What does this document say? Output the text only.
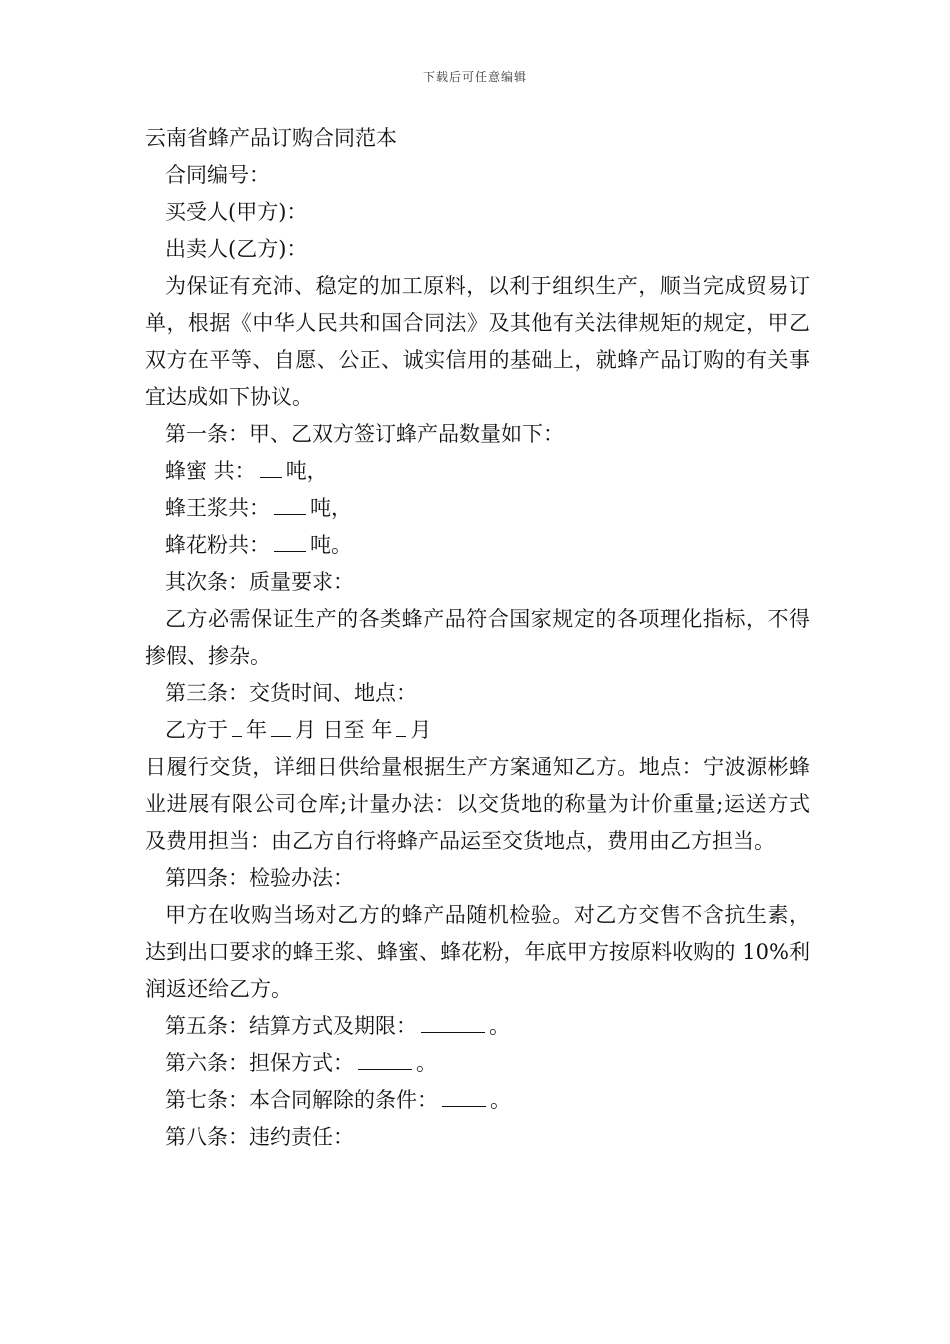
下载后可任意编辑
云南省蜂产品订购合同范本
合同编号：
买受人(甲方)：
出卖人(乙方)：
为保证有充沛、稳定的加工原料，以利于组织生产，顺当完成贸易订单，根据《中华人民共和国合同法》及其他有关法律规矩的规定，甲乙双方在平等、自愿、公正、诚实信用的基础上，就蜂产品订购的有关事宜达成如下协议。
第一条：甲、乙双方签订蜂产品数量如下：
蜂蜜 共： 吨，
蜂王浆共： 吨，
蜂花粉共： 吨。
其次条：质量要求：
乙方必需保证生产的各类蜂产品符合国家规定的各项理化指标，不得掺假、掺杂。
第三条：交货时间、地点：
乙方于 年 月 日至 年 月
日履行交货，详细日供给量根据生产方案通知乙方。地点：宁波源彬蜂业进展有限公司仓库;计量办法：以交货地的称量为计价重量;运送方式及费用担当：由乙方自行将蜂产品运至交货地点，费用由乙方担当。
第四条：检验办法：
甲方在收购当场对乙方的蜂产品随机检验。对乙方交售不含抗生素，达到出口要求的蜂王浆、蜂蜜、蜂花粉，年底甲方按原料收购的 10%利润返还给乙方。
第五条：结算方式及期限：	。
第六条：担保方式：	。
第七条：本合同解除的条件： 。
第八条：违约责任：
